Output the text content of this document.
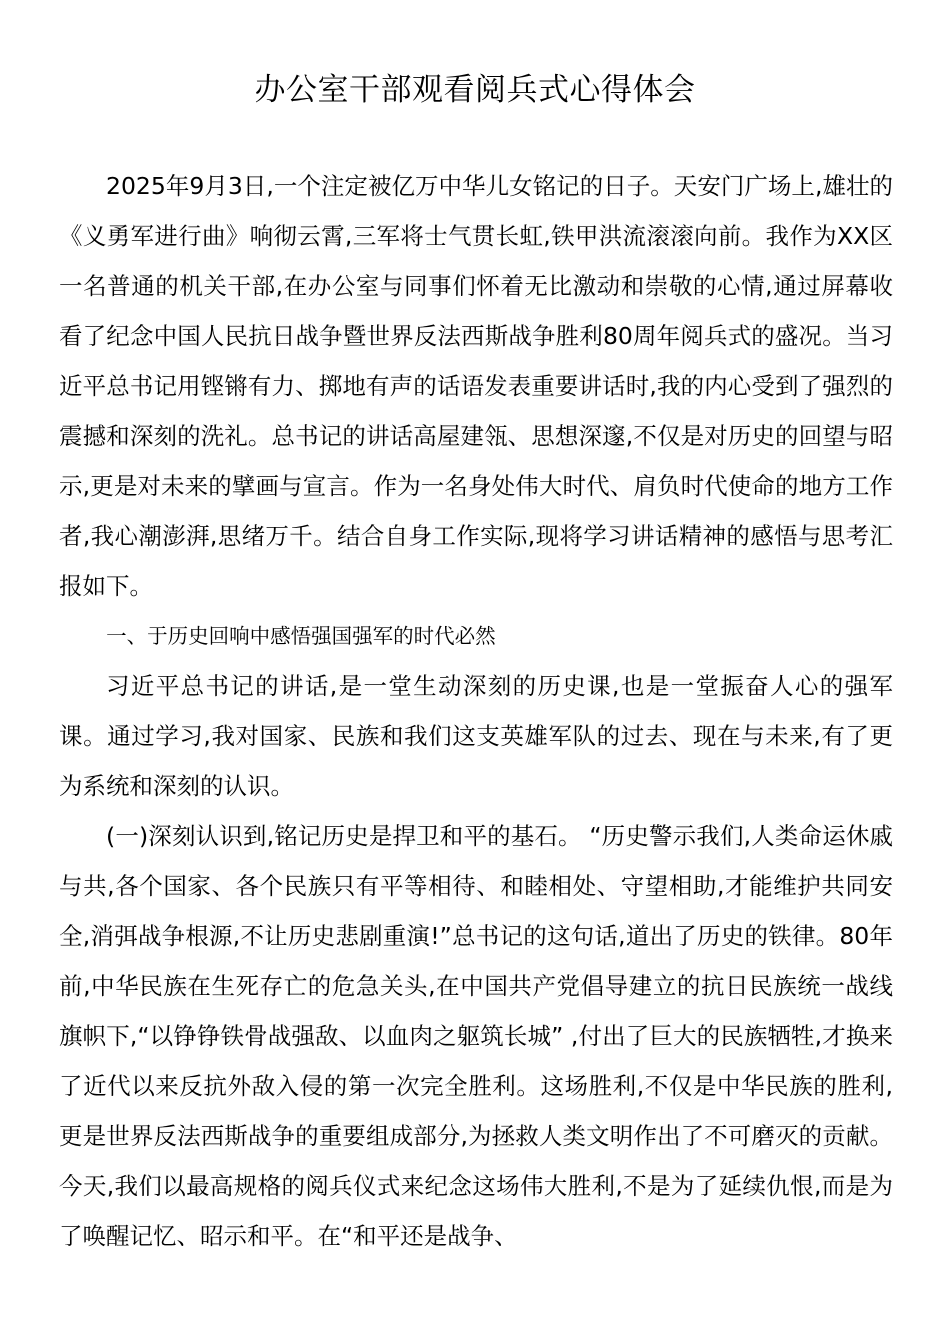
办公室干部观看阅兵式心得体会

2025年9月3日,一个注定被亿万中华儿女铭记的日子。天安门广场上,雄壮的《义勇军进行曲》响彻云霄,三军将士气贯长虹,铁甲洪流滚滚向前。我作为XX区一名普通的机关干部,在办公室与同事们怀着无比激动和崇敬的心情,通过屏幕收看了纪念中国人民抗日战争暨世界反法西斯战争胜利80周年阅兵式的盛况。当习近平总书记用铿锵有力、掷地有声的话语发表重要讲话时,我的内心受到了强烈的震撼和深刻的洗礼。总书记的讲话高屋建瓴、思想深邃,不仅是对历史的回望与昭示,更是对未来的擘画与宣言。作为一名身处伟大时代、肩负时代使命的地方工作者,我心潮澎湃,思绪万千。结合自身工作实际,现将学习讲话精神的感悟与思考汇报如下。

一、于历史回响中感悟强国强军的时代必然

习近平总书记的讲话,是一堂生动深刻的历史课,也是一堂振奋人心的强军课。通过学习,我对国家、民族和我们这支英雄军队的过去、现在与未来,有了更为系统和深刻的认识。

(一)深刻认识到,铭记历史是捍卫和平的基石。 “历史警示我们,人类命运休戚与共,各个国家、各个民族只有平等相待、和睦相处、守望相助,才能维护共同安全,消弭战争根源,不让历史悲剧重演!”总书记的这句话,道出了历史的铁律。80年前,中华民族在生死存亡的危急关头,在中国共产党倡导建立的抗日民族统一战线旗帜下,“以铮铮铁骨战强敌、以血肉之躯筑长城” ,付出了巨大的民族牺牲,才换来了近代以来反抗外敌入侵的第一次完全胜利。这场胜利,不仅是中华民族的胜利,更是世界反法西斯战争的重要组成部分,为拯救人类文明作出了不可磨灭的贡献。今天,我们以最高规格的阅兵仪式来纪念这场伟大胜利,不是为了延续仇恨,而是为了唤醒记忆、昭示和平。在“和平还是战争、
